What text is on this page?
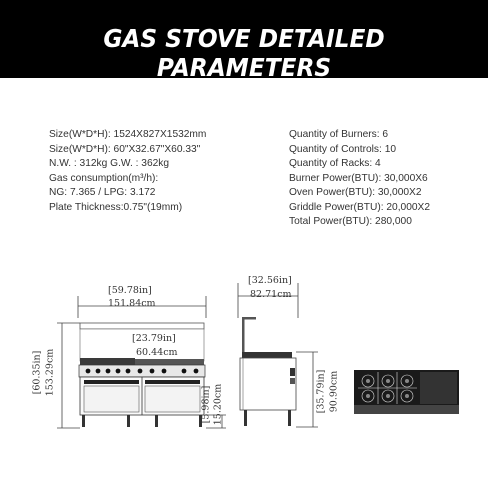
GAS STOVE DETAILED PARAMETERS
Size(W*D*H): 1524X827X1532mm
Size(W*D*H): 60"X32.67"X60.33"
N.W. : 312kg G.W. : 362kg
Gas consumption(m³/h):
NG: 7.365 / LPG: 3.172
Plate Thickness:0.75"(19mm)
Quantity of Burners: 6
Quantity of Controls: 10
Quantity of Racks: 4
Burner Power(BTU): 30,000X6
Oven Power(BTU): 30,000X2
Griddle Power(BTU): 20,000X2
Total Power(BTU): 280,000
[59.78in]
151.84cm
[23.79in]
60.44cm
[32.56in]
82.71cm
[60.35in] 153.29cm
[5.98in] 15.20cm	[35.79in] 90.90cm
